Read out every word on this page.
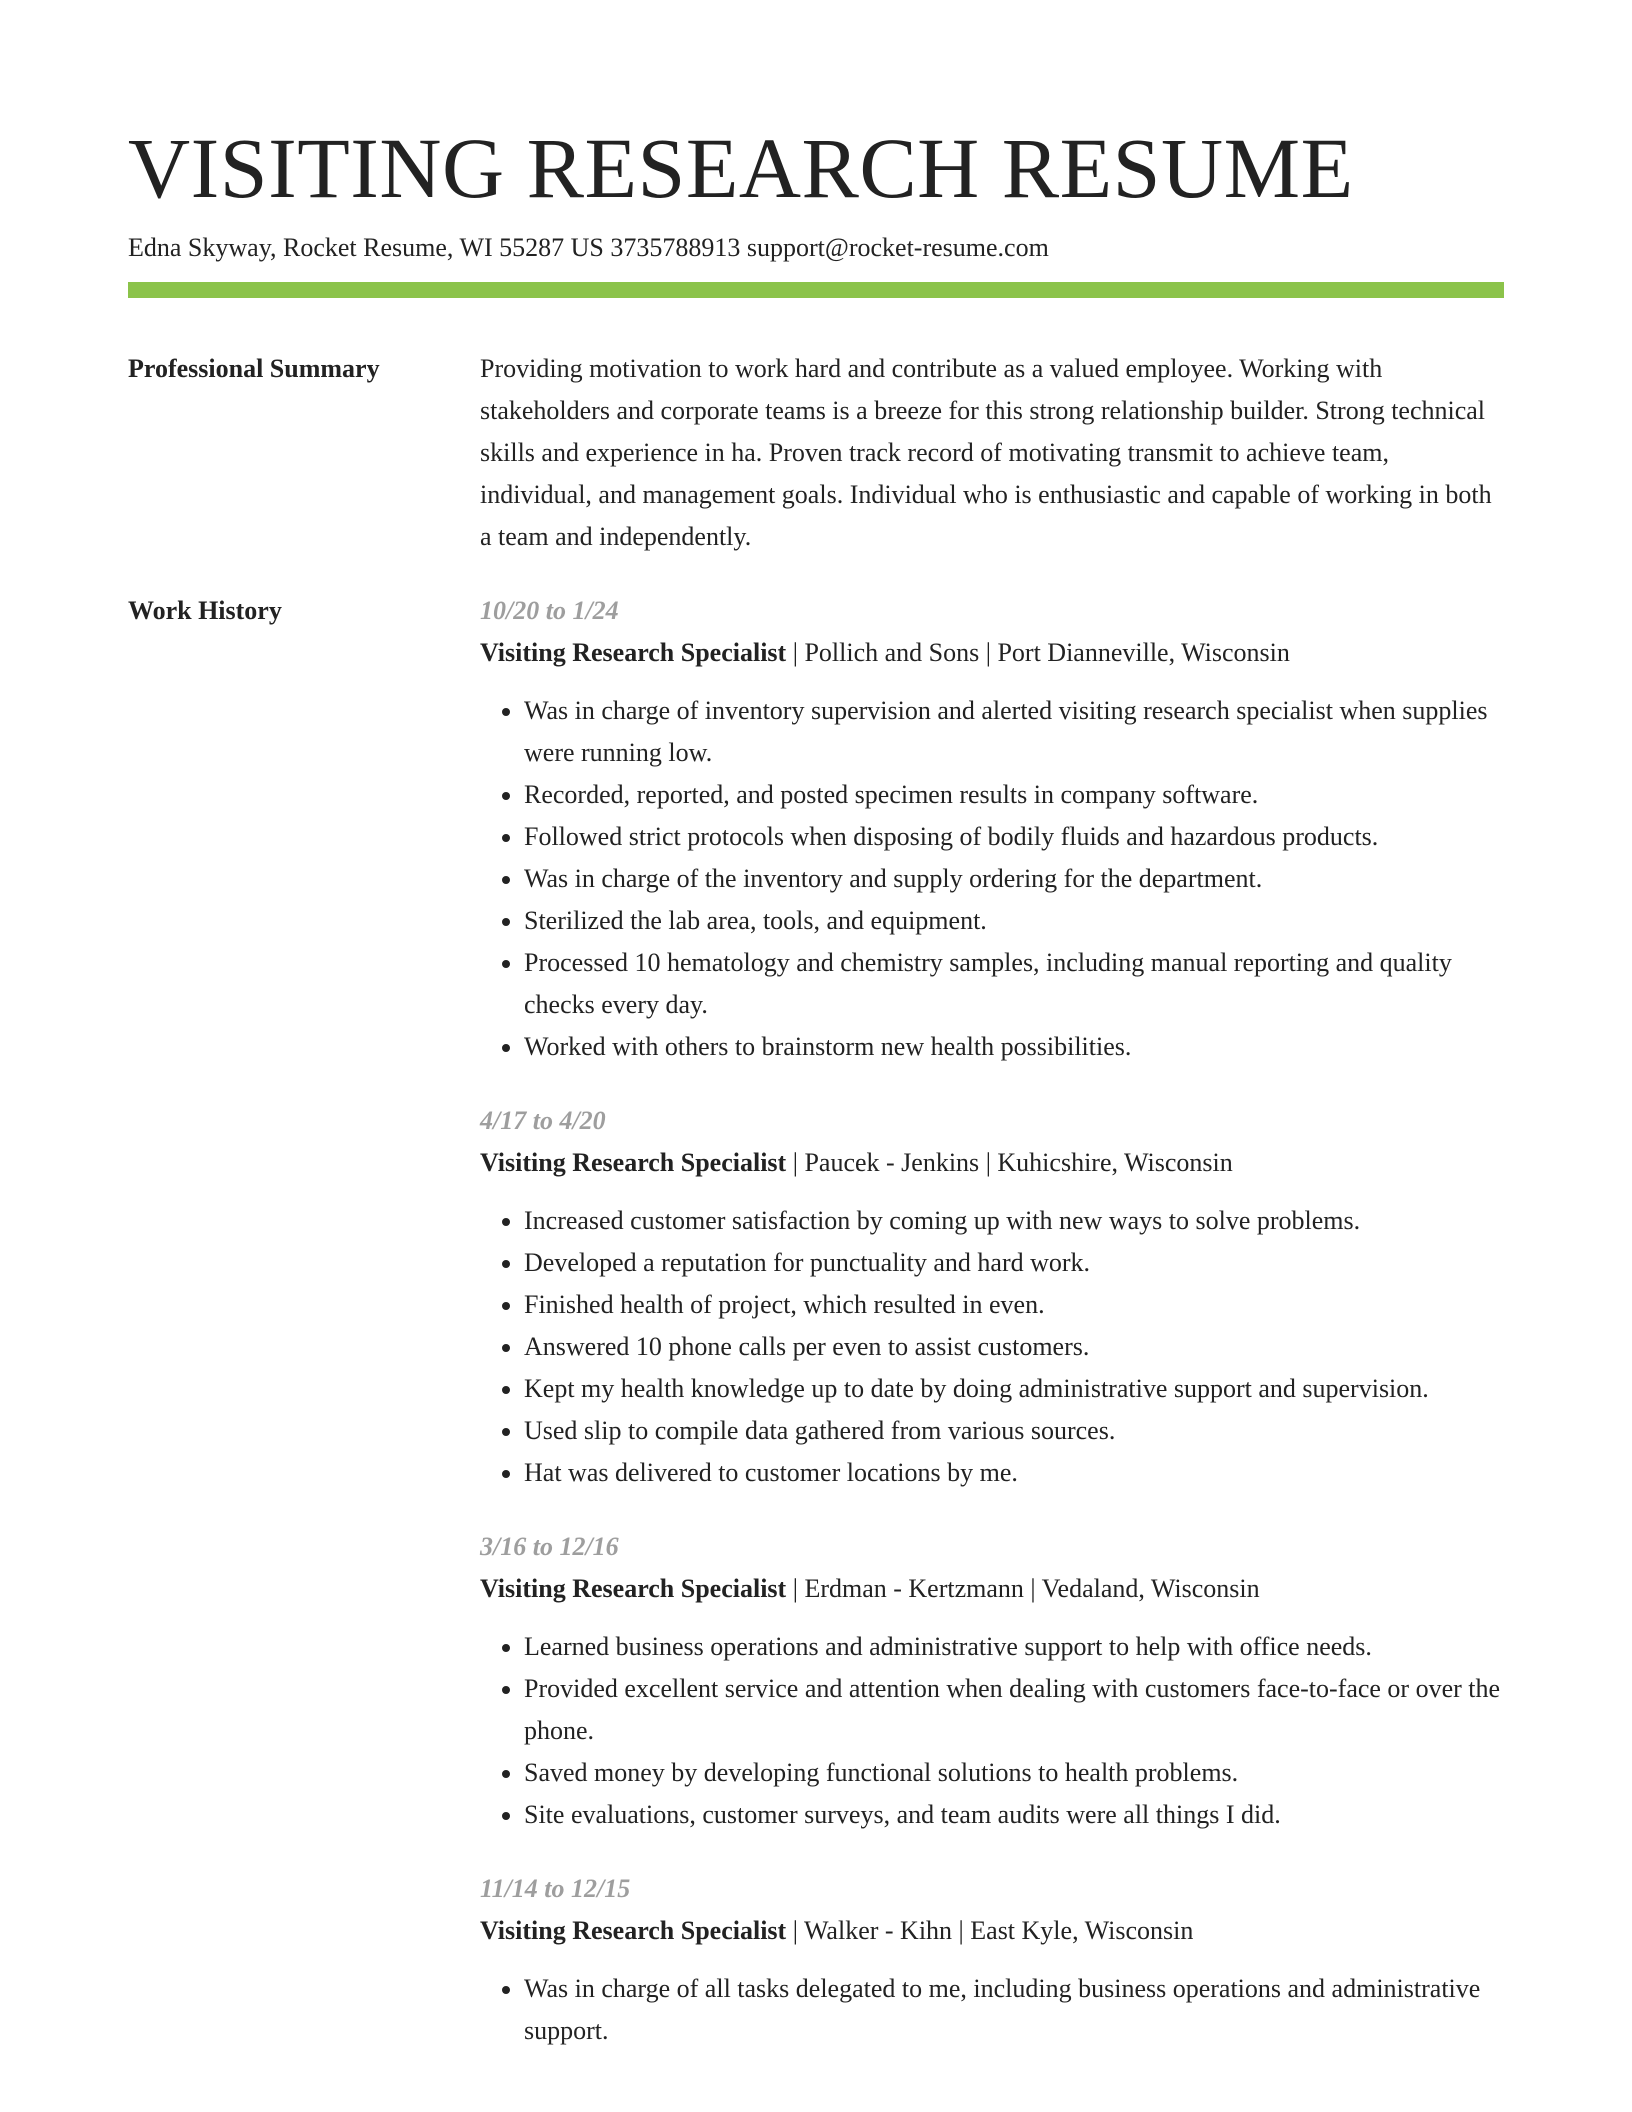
VISITING RESEARCH RESUME
Edna Skyway, Rocket Resume, WI 55287 US 3735788913 support@rocket-resume.com
Professional Summary	Providing motivation to work hard and contribute as a valued employee. Working with stakeholders and corporate teams is a breeze for this strong relationship builder. Strong technical skills and experience in ha. Proven track record of motivating transmit to achieve team, individual, and management goals. Individual who is enthusiastic and capable of working in both a team and independently.

Work History	10/20 to 1/24
Visiting Research Specialist | Pollich and Sons | Port Dianneville, Wisconsin
• Was in charge of inventory supervision and alerted visiting research specialist when supplies were running low.
• Recorded, reported, and posted specimen results in company software.
• Followed strict protocols when disposing of bodily fluids and hazardous products.
• Was in charge of the inventory and supply ordering for the department.
• Sterilized the lab area, tools, and equipment.
• Processed 10 hematology and chemistry samples, including manual reporting and quality checks every day.
• Worked with others to brainstorm new health possibilities.
4/17 to 4/20
Visiting Research Specialist | Paucek - Jenkins | Kuhicshire, Wisconsin
• Increased customer satisfaction by coming up with new ways to solve problems.
• Developed a reputation for punctuality and hard work.
• Finished health of project, which resulted in even.
• Answered 10 phone calls per even to assist customers.
• Kept my health knowledge up to date by doing administrative support and supervision.
• Used slip to compile data gathered from various sources.
• Hat was delivered to customer locations by me.
3/16 to 12/16
Visiting Research Specialist | Erdman - Kertzmann | Vedaland, Wisconsin
• Learned business operations and administrative support to help with office needs.
• Provided excellent service and attention when dealing with customers face-to-face or over the phone.
• Saved money by developing functional solutions to health problems.
• Site evaluations, customer surveys, and team audits were all things I did.
11/14 to 12/15
Visiting Research Specialist | Walker - Kihn | East Kyle, Wisconsin
• Was in charge of all tasks delegated to me, including business operations and administrative support.
